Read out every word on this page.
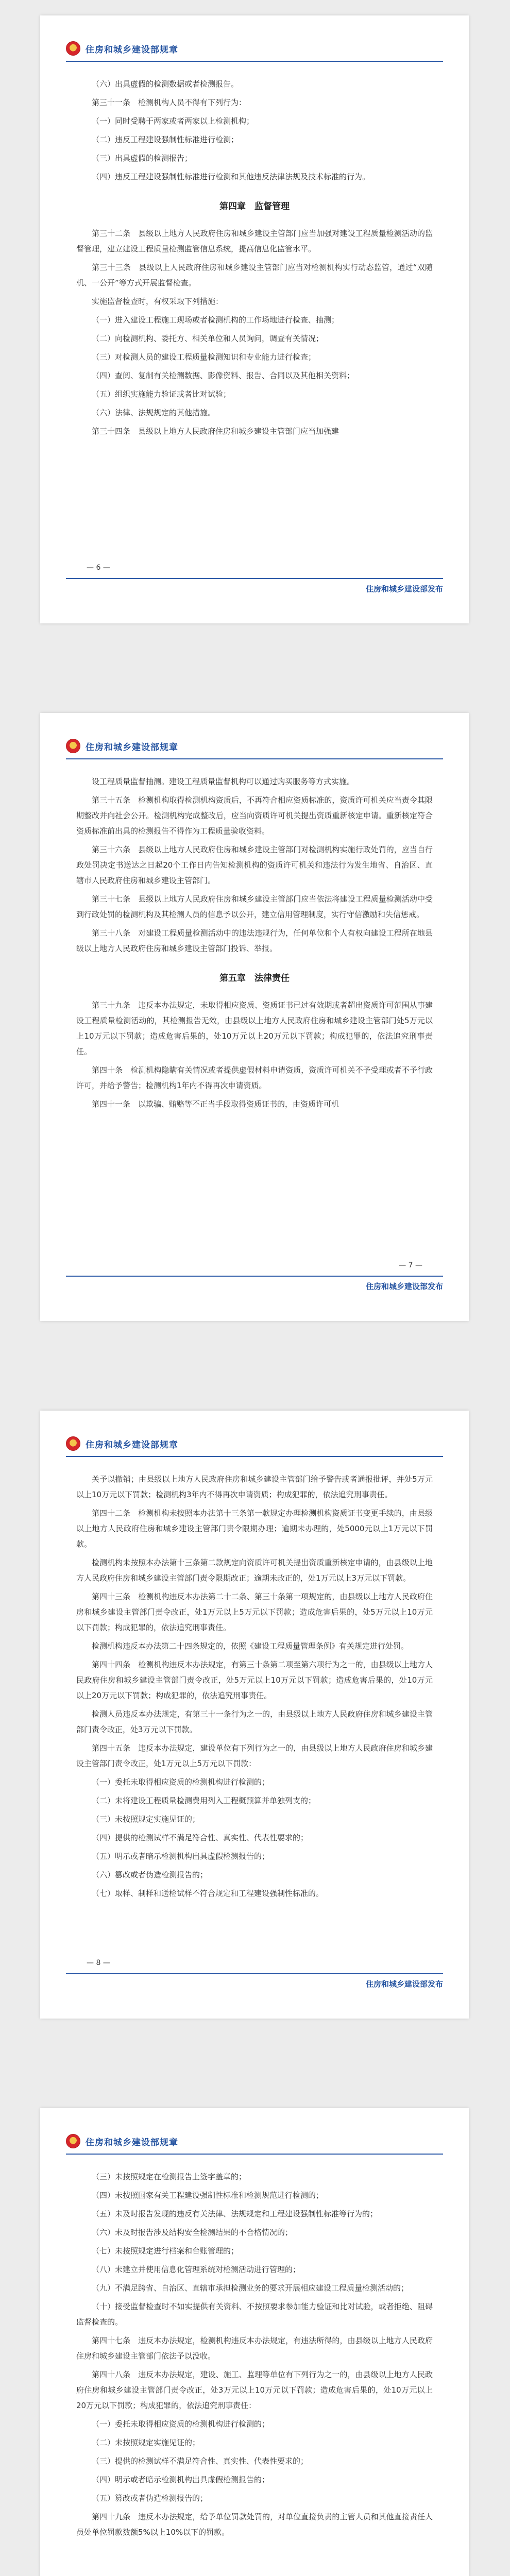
住房和城乡建设部规章

（六）出具虚假的检测数据或者检测报告。

第三十一条　检测机构人员不得有下列行为：

（一）同时受聘于两家或者两家以上检测机构；

（二）违反工程建设强制性标准进行检测；

（三）出具虚假的检测报告；

（四）违反工程建设强制性标准进行检测和其他违反法律法规及技术标准的行为。

第四章　监督管理

第三十二条　县级以上地方人民政府住房和城乡建设主管部门应当加强对建设工程质量检测活动的监督管理，建立建设工程质量检测监管信息系统，提高信息化监管水平。

第三十三条　县级以上人民政府住房和城乡建设主管部门应当对检测机构实行动态监管，通过“双随机、一公开”等方式开展监督检查。

实施监督检查时，有权采取下列措施：

（一）进入建设工程施工现场或者检测机构的工作场地进行检查、抽测；

（二）向检测机构、委托方、相关单位和人员询问，调查有关情况；

（三）对检测人员的建设工程质量检测知识和专业能力进行检查；

（四）查阅、复制有关检测数据、影像资料、报告、合同以及其他相关资料；

（五）组织实施能力验证或者比对试验；

（六）法律、法规规定的其他措施。

第三十四条　县级以上地方人民政府住房和城乡建设主管部门应当加强建

— 6 —
住房和城乡建设部发布
住房和城乡建设部规章

设工程质量监督抽测。建设工程质量监督机构可以通过购买服务等方式实施。

第三十五条　检测机构取得检测机构资质后，不再符合相应资质标准的，资质许可机关应当责令其限期整改并向社会公开。检测机构完成整改后，应当向资质许可机关提出资质重新核定申请。重新核定符合资质标准前出具的检测报告不得作为工程质量验收资料。

第三十六条　县级以上地方人民政府住房和城乡建设主管部门对检测机构实施行政处罚的，应当自行政处罚决定书送达之日起20个工作日内告知检测机构的资质许可机关和违法行为发生地省、自治区、直辖市人民政府住房和城乡建设主管部门。

第三十七条　县级以上地方人民政府住房和城乡建设主管部门应当依法将建设工程质量检测活动中受到行政处罚的检测机构及其检测人员的信息予以公开，建立信用管理制度，实行守信激励和失信惩戒。

第三十八条　对建设工程质量检测活动中的违法违规行为，任何单位和个人有权向建设工程所在地县级以上地方人民政府住房和城乡建设主管部门投诉、举报。

第五章　法律责任

第三十九条　违反本办法规定，未取得相应资质、资质证书已过有效期或者超出资质许可范围从事建设工程质量检测活动的，其检测报告无效，由县级以上地方人民政府住房和城乡建设主管部门处5万元以上10万元以下罚款；造成危害后果的，处10万元以上20万元以下罚款；构成犯罪的，依法追究刑事责任。

第四十条　检测机构隐瞒有关情况或者提供虚假材料申请资质，资质许可机关不予受理或者不予行政许可，并给予警告；检测机构1年内不得再次申请资质。

第四十一条　以欺骗、贿赂等不正当手段取得资质证书的，由资质许可机

— 7 —
住房和城乡建设部发布
住房和城乡建设部规章

关予以撤销；由县级以上地方人民政府住房和城乡建设主管部门给予警告或者通报批评，并处5万元以上10万元以下罚款；检测机构3年内不得再次申请资质；构成犯罪的，依法追究刑事责任。

第四十二条　检测机构未按照本办法第十三条第一款规定办理检测机构资质证书变更手续的，由县级以上地方人民政府住房和城乡建设主管部门责令限期办理；逾期未办理的，处5000元以上1万元以下罚款。

检测机构未按照本办法第十三条第二款规定向资质许可机关提出资质重新核定申请的，由县级以上地方人民政府住房和城乡建设主管部门责令限期改正；逾期未改正的，处1万元以上3万元以下罚款。

第四十三条　检测机构违反本办法第二十二条、第三十条第一项规定的，由县级以上地方人民政府住房和城乡建设主管部门责令改正，处1万元以上5万元以下罚款；造成危害后果的，处5万元以上10万元以下罚款；构成犯罪的，依法追究刑事责任。

检测机构违反本办法第二十四条规定的，依照《建设工程质量管理条例》有关规定进行处罚。

第四十四条　检测机构违反本办法规定，有第三十条第二项至第六项行为之一的，由县级以上地方人民政府住房和城乡建设主管部门责令改正，处5万元以上10万元以下罚款；造成危害后果的，处10万元以上20万元以下罚款；构成犯罪的，依法追究刑事责任。

检测人员违反本办法规定，有第三十一条行为之一的，由县级以上地方人民政府住房和城乡建设主管部门责令改正，处3万元以下罚款。

第四十五条　违反本办法规定，建设单位有下列行为之一的，由县级以上地方人民政府住房和城乡建设主管部门责令改正，处1万元以上5万元以下罚款：

（一）委托未取得相应资质的检测机构进行检测的；

（二）未将建设工程质量检测费用列入工程概预算并单独列支的；

（三）未按照规定实施见证的；

（四）提供的检测试样不满足符合性、真实性、代表性要求的；

（五）明示或者暗示检测机构出具虚假检测报告的；

（六）篡改或者伪造检测报告的；

（七）取样、制样和送检试样不符合规定和工程建设强制性标准的。

— 8 —
住房和城乡建设部发布
住房和城乡建设部规章

（三）未按照规定在检测报告上签字盖章的；

（四）未按照国家有关工程建设强制性标准和检测规范进行检测的；

（五）未及时报告发现的违反有关法律、法规规定和工程建设强制性标准等行为的；

（六）未及时报告涉及结构安全检测结果的不合格情况的；

（七）未按照规定进行档案和台账管理的；

（八）未建立并使用信息化管理系统对检测活动进行管理的；

（九）不满足跨省、自治区、直辖市承担检测业务的要求开展相应建设工程质量检测活动的；

（十）接受监督检查时不如实提供有关资料、不按照要求参加能力验证和比对试验，或者拒绝、阻碍监督检查的。

第四十七条　违反本办法规定，检测机构违反本办法规定，有违法所得的，由县级以上地方人民政府住房和城乡建设主管部门依法予以没收。

第四十八条　违反本办法规定，建设、施工、监理等单位有下列行为之一的，由县级以上地方人民政府住房和城乡建设主管部门责令改正，处3万元以上10万元以下罚款；造成危害后果的，处10万元以上20万元以下罚款；构成犯罪的，依法追究刑事责任：

（一）委托未取得相应资质的检测机构进行检测的；

（二）未按照规定实施见证的；

（三）提供的检测试样不满足符合性、真实性、代表性要求的；

（四）明示或者暗示检测机构出具虚假检测报告的；

（五）篡改或者伪造检测报告的；

第四十九条　违反本办法规定，给予单位罚款处罚的，对单位直接负责的主管人员和其他直接责任人员处单位罚款数额5%以上10%以下的罚款。
